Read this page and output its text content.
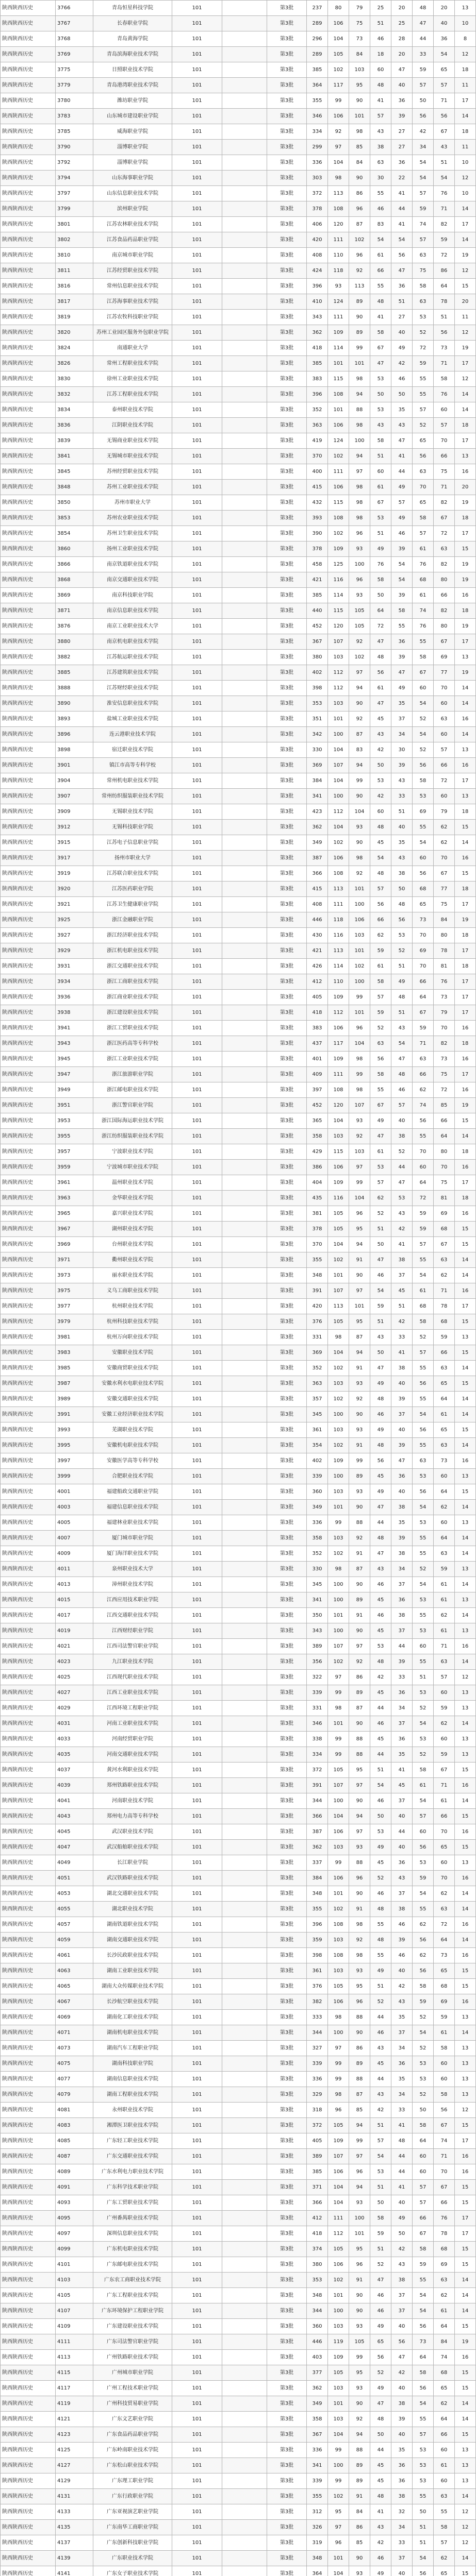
陕西陕西历史	3766	青岛恒星科技学院	101		第3批	237	80	79	25	20	48	20	13
陕西陕西历史	3767	长春职业学院	101		第3批	289	106	75	51	25	47	40	10
陕西陕西历史	3768	青岛黄海学院	101		第3批	296	104	73	46	28	44	36	8
陕西陕西历史	3769	青岛滨海职业技术学院	101		第3批	289	105	84	18	20	33	54	12
陕西陕西历史	3775	日照职业技术学院	101		第3批	385	102	103	60	47	59	65	18
陕西陕西历史	3779	青岛港湾职业技术学院	101		第3批	364	117	95	48	40	57	57	11
陕西陕西历史	3780	潍坊职业学院	101		第3批	355	99	90	41	36	50	71	17
陕西陕西历史	3783	山东城市建设职业学院	101		第3批	346	106	101	57	39	56	56	14
陕西陕西历史	3785	威海职业学院	101		第3批	334	92	98	43	27	42	67	18
陕西陕西历史	3790	淄博职业学院	101		第3批	299	97	85	38	27	34	43	11
陕西陕西历史	3792	淄博职业学院	101		第3批	336	104	84	63	36	54	51	10
陕西陕西历史	3794	山东海事职业学院	101		第3批	303	98	90	30	22	54	54	12
陕西陕西历史	3797	山东信息职业技术学院	101		第3批	372	113	86	55	41	57	76	10
陕西陕西历史	3799	滨州职业学院	101		第3批	378	108	96	46	44	59	71	14
陕西陕西历史	3801	江苏农林职业技术学院	101		第3批	406	120	87	83	41	74	82	17
陕西陕西历史	3802	江苏食品药品职业学院	101		第3批	420	111	102	54	54	57	59	14
陕西陕西历史	3810	南京城市职业学院	101		第3批	408	110	96	61	56	63	72	19
陕西陕西历史	3811	江苏经贸职业技术学院	101		第3批	424	118	92	66	47	75	86	12
陕西陕西历史	3816	常州信息职业技术学院	101		第3批	396	93	113	55	36	58	64	15
陕西陕西历史	3817	江苏海事职业技术学院	101		第3批	410	124	89	48	51	63	78	20
陕西陕西历史	3819	江苏农牧科技职业学院	101		第3批	343	111	90	41	27	53	51	11
陕西陕西历史	3820	苏州工业园区服务外包职业学院	101		第3批	362	109	89	58	40	52	56	12
陕西陕西历史	3824	南通职业大学	101		第3批	418	114	99	67	49	72	73	19
陕西陕西历史	3826	常州工程职业技术学院	101		第3批	385	101	101	47	42	59	71	17
陕西陕西历史	3830	徐州工业职业技术学院	101		第3批	383	115	98	53	46	55	58	12
陕西陕西历史	3832	江苏工程职业技术学院	101		第3批	396	108	94	50	50	55	76	14
陕西陕西历史	3834	泰州职业技术学院	101		第3批	352	101	88	53	35	57	60	14
陕西陕西历史	3836	江阴职业技术学院	101		第3批	363	106	98	43	43	52	57	18
陕西陕西历史	3839	无锡商业职业技术学院	101		第3批	419	124	100	58	47	65	70	17
陕西陕西历史	3841	无锡城市职业技术学院	101		第3批	370	102	94	51	41	56	66	13
陕西陕西历史	3845	苏州经贸职业技术学院	101		第3批	400	111	97	60	44	63	75	16
陕西陕西历史	3848	苏州工业职业技术学院	101		第3批	415	106	98	61	49	70	71	20
陕西陕西历史	3850	苏州市职业大学	101		第3批	432	115	98	67	57	65	82	19
陕西陕西历史	3853	苏州农业职业技术学院	101		第3批	393	108	98	53	49	58	67	18
陕西陕西历史	3854	苏州卫生职业技术学院	101		第3批	390	102	96	51	46	57	72	17
陕西陕西历史	3860	扬州工业职业技术学院	101		第3批	378	109	93	49	39	61	63	15
陕西陕西历史	3866	南京铁道职业技术学院	101		第3批	458	125	100	76	54	76	82	19
陕西陕西历史	3868	南京交通职业技术学院	101		第3批	421	116	96	58	54	68	80	19
陕西陕西历史	3869	南京科技职业学院	101		第3批	385	114	93	50	39	61	66	16
陕西陕西历史	3871	南京信息职业技术学院	101		第3批	440	115	105	64	58	74	82	18
陕西陕西历史	3876	南京工业职业技术大学	101		第3批	452	120	105	72	55	76	80	19
陕西陕西历史	3880	南京机电职业技术学院	101		第3批	367	107	92	47	36	55	67	17
陕西陕西历史	3882	江苏航运职业技术学院	101		第3批	380	103	102	48	39	58	69	13
陕西陕西历史	3885	江苏建筑职业技术学院	101		第3批	402	112	97	56	47	67	77	19
陕西陕西历史	3888	江苏财经职业技术学院	101		第3批	398	112	94	61	49	60	70	14
陕西陕西历史	3890	淮安信息职业技术学院	101		第3批	353	103	90	47	35	54	60	14
陕西陕西历史	3893	盐城工业职业技术学院	101		第3批	351	101	92	45	37	52	63	16
陕西陕西历史	3896	连云港职业技术学院	101		第3批	342	100	87	43	34	54	60	14
陕西陕西历史	3898	宿迁职业技术学院	101		第3批	330	104	83	42	30	52	57	13
陕西陕西历史	3901	镇江市高等专科学校	101		第3批	369	107	94	50	39	56	66	16
陕西陕西历史	3904	常州机电职业技术学院	101		第3批	384	104	99	53	43	58	72	17
陕西陕西历史	3907	常州纺织服装职业技术学院	101		第3批	341	100	90	42	33	53	60	13
陕西陕西历史	3909	无锡职业技术学院	101		第3批	423	112	104	60	51	69	79	18
陕西陕西历史	3912	无锡科技职业学院	101		第3批	362	104	93	48	40	55	62	15
陕西陕西历史	3915	江苏电子信息职业学院	101		第3批	349	102	90	45	35	54	62	14
陕西陕西历史	3917	扬州市职业大学	101		第3批	387	106	98	54	43	60	70	16
陕西陕西历史	3919	江苏联合职业技术学院	101		第3批	366	108	92	48	38	56	67	15
陕西陕西历史	3920	江苏医药职业学院	101		第3批	415	113	101	57	50	68	77	18
陕西陕西历史	3921	江苏卫生健康职业学院	101		第3批	408	111	100	56	48	65	75	17
陕西陕西历史	3925	浙江金融职业学院	101		第3批	446	118	106	66	56	73	84	19
陕西陕西历史	3927	浙江经济职业技术学院	101		第3批	430	116	103	62	53	70	80	18
陕西陕西历史	3929	浙江机电职业技术学院	101		第3批	421	113	101	59	52	69	78	17
陕西陕西历史	3931	浙江交通职业技术学院	101		第3批	426	114	102	61	51	70	81	18
陕西陕西历史	3934	浙江工商职业技术学院	101		第3批	412	110	100	58	49	66	76	17
陕西陕西历史	3936	浙江商业职业技术学院	101		第3批	405	109	99	57	48	64	73	17
陕西陕西历史	3938	浙江建设职业技术学院	101		第3批	418	112	101	59	51	67	79	17
陕西陕西历史	3941	浙江工贸职业技术学院	101		第3批	383	106	96	52	43	59	70	16
陕西陕西历史	3943	浙江医药高等专科学校	101		第3批	437	117	104	63	54	71	82	18
陕西陕西历史	3945	浙江工业职业技术学院	101		第3批	401	109	98	56	47	63	73	16
陕西陕西历史	3947	浙江旅游职业学院	101		第3批	409	111	99	58	48	66	75	17
陕西陕西历史	3949	浙江邮电职业技术学院	101		第3批	397	108	98	55	46	62	72	16
陕西陕西历史	3951	浙江警官职业学院	101		第3批	452	120	107	67	57	74	85	19
陕西陕西历史	3953	浙江国际海运职业技术学院	101		第3批	365	104	93	49	40	56	66	15
陕西陕西历史	3955	浙江纺织服装职业技术学院	101		第3批	358	103	92	47	38	55	64	14
陕西陕西历史	3957	宁波职业技术学院	101		第3批	429	115	103	61	52	70	80	18
陕西陕西历史	3959	宁波城市职业技术学院	101		第3批	386	106	97	53	44	60	70	16
陕西陕西历史	3961	温州职业技术学院	101		第3批	404	109	99	57	47	64	75	17
陕西陕西历史	3963	金华职业技术学院	101		第3批	435	116	104	62	53	72	81	18
陕西陕西历史	3965	嘉兴职业技术学院	101		第3批	381	105	96	52	43	59	69	16
陕西陕西历史	3967	湖州职业技术学院	101		第3批	378	105	95	51	42	59	68	15
陕西陕西历史	3969	台州职业技术学院	101		第3批	370	104	94	50	41	57	67	15
陕西陕西历史	3971	衢州职业技术学院	101		第3批	355	102	91	47	38	55	63	14
陕西陕西历史	3973	丽水职业技术学院	101		第3批	348	101	90	46	37	54	62	14
陕西陕西历史	3975	义乌工商职业技术学院	101		第3批	391	107	97	54	45	61	71	16
陕西陕西历史	3977	杭州职业技术学院	101		第3批	420	113	101	59	51	68	78	17
陕西陕西历史	3979	杭州科技职业技术学院	101		第3批	376	105	95	51	42	58	68	15
陕西陕西历史	3981	杭州万向职业技术学院	101		第3批	331	98	87	43	33	52	59	13
陕西陕西历史	3983	安徽职业技术学院	101		第3批	369	104	94	50	41	57	66	15
陕西陕西历史	3985	安徽商贸职业技术学院	101		第3批	352	102	91	47	38	55	63	14
陕西陕西历史	3987	安徽水利水电职业技术学院	101		第3批	363	103	93	49	40	56	65	15
陕西陕西历史	3989	安徽交通职业技术学院	101		第3批	357	102	92	48	39	55	64	14
陕西陕西历史	3991	安徽工业经济职业技术学院	101		第3批	345	100	90	46	37	54	61	14
陕西陕西历史	3993	芜湖职业技术学院	101		第3批	361	103	93	49	40	56	65	15
陕西陕西历史	3995	安徽机电职业技术学院	101		第3批	354	102	91	48	39	55	63	14
陕西陕西历史	3997	安徽医学高等专科学校	101		第3批	402	109	99	56	47	63	73	16
陕西陕西历史	3999	合肥职业技术学院	101		第3批	339	100	89	45	36	53	60	13
陕西陕西历史	4001	福建船政交通职业学院	101		第3批	360	103	93	49	40	56	64	15
陕西陕西历史	4003	福建信息职业技术学院	101		第3批	349	101	90	47	38	54	62	14
陕西陕西历史	4005	福建林业职业技术学院	101		第3批	336	99	88	44	35	53	60	13
陕西陕西历史	4007	厦门城市职业学院	101		第3批	358	103	92	48	39	55	64	14
陕西陕西历史	4009	厦门海洋职业技术学院	101		第3批	352	102	91	47	38	55	63	14
陕西陕西历史	4011	泉州职业技术大学	101		第3批	330	98	87	43	34	52	59	13
陕西陕西历史	4013	漳州职业技术学院	101		第3批	345	100	90	46	37	54	61	14
陕西陕西历史	4015	江西应用技术职业学院	101		第3批	341	100	89	45	36	53	61	13
陕西陕西历史	4017	江西交通职业技术学院	101		第3批	350	101	91	46	38	55	62	14
陕西陕西历史	4019	江西财经职业学院	101		第3批	343	100	90	45	37	53	61	13
陕西陕西历史	4021	江西司法警官职业学院	101		第3批	389	107	97	53	44	60	71	16
陕西陕西历史	4023	九江职业技术学院	101		第3批	356	102	92	48	39	55	63	14
陕西陕西历史	4025	江西现代职业技术学院	101		第3批	322	97	86	42	33	51	57	12
陕西陕西历史	4027	江西工业职业技术学院	101		第3批	339	99	89	45	36	53	60	13
陕西陕西历史	4029	江西环境工程职业学院	101		第3批	331	98	87	44	34	52	59	13
陕西陕西历史	4031	河南工业职业技术学院	101		第3批	346	101	90	46	37	54	62	14
陕西陕西历史	4033	河南经贸职业学院	101		第3批	338	99	88	45	36	53	60	13
陕西陕西历史	4035	河南交通职业技术学院	101		第3批	334	99	88	44	35	52	59	13
陕西陕西历史	4037	黄河水利职业技术学院	101		第3批	372	105	95	51	41	58	67	15
陕西陕西历史	4039	郑州铁路职业技术学院	101		第3批	391	107	97	54	45	61	71	16
陕西陕西历史	4041	河南职业技术学院	101		第3批	344	100	90	46	37	54	61	14
陕西陕西历史	4043	郑州电力高等专科学校	101		第3批	366	104	94	50	40	57	66	15
陕西陕西历史	4045	武汉职业技术学院	101		第3批	387	106	97	53	44	60	70	16
陕西陕西历史	4047	武汉船舶职业技术学院	101		第3批	362	103	93	49	40	56	65	15
陕西陕西历史	4049	长江职业学院	101		第3批	337	99	88	45	36	53	60	13
陕西陕西历史	4051	武汉铁路职业技术学院	101		第3批	384	106	96	52	43	59	70	16
陕西陕西历史	4053	湖北交通职业技术学院	101		第3批	348	101	90	46	37	54	62	14
陕西陕西历史	4055	湖北职业技术学院	101		第3批	355	102	91	48	38	55	63	14
陕西陕西历史	4057	湖南铁道职业技术学院	101		第3批	396	108	98	55	46	62	72	16
陕西陕西历史	4059	湖南交通职业技术学院	101		第3批	359	103	92	48	39	56	64	14
陕西陕西历史	4061	长沙民政职业技术学院	101		第3批	398	108	98	55	46	62	73	16
陕西陕西历史	4063	湖南工业职业技术学院	101		第3批	361	103	93	49	40	56	65	15
陕西陕西历史	4065	湖南大众传媒职业技术学院	101		第3批	376	105	95	51	42	58	68	15
陕西陕西历史	4067	长沙航空职业技术学院	101		第3批	382	106	96	52	43	59	69	16
陕西陕西历史	4069	湖南化工职业技术学院	101		第3批	333	98	88	44	35	52	59	13
陕西陕西历史	4071	湖南机电职业技术学院	101		第3批	344	100	90	46	37	54	61	14
陕西陕西历史	4073	湖南汽车工程职业学院	101		第3批	327	97	86	43	34	52	58	13
陕西陕西历史	4075	湖南科技职业学院	101		第3批	339	99	89	45	36	53	60	13
陕西陕西历史	4077	湖南信息职业技术学院	101		第3批	336	99	88	44	35	53	60	13
陕西陕西历史	4079	湖南工程职业技术学院	101		第3批	329	98	87	43	34	52	58	13
陕西陕西历史	4081	永州职业技术学院	101		第3批	318	96	85	42	33	50	56	12
陕西陕西历史	4083	湘潭医卫职业技术学院	101		第3批	372	105	94	51	41	58	67	15
陕西陕西历史	4085	广东轻工职业技术学院	101		第3批	405	109	99	57	48	64	74	17
陕西陕西历史	4087	广东交通职业技术学院	101		第3批	389	107	97	54	44	60	71	16
陕西陕西历史	4089	广东水利电力职业技术学院	101		第3批	385	106	96	53	44	60	70	16
陕西陕西历史	4091	广东科学技术职业学院	101		第3批	371	104	94	51	41	57	67	15
陕西陕西历史	4093	广东工贸职业技术学院	101		第3批	366	104	93	50	40	57	66	15
陕西陕西历史	4095	广州番禺职业技术学院	101		第3批	412	111	100	58	49	66	76	17
陕西陕西历史	4097	深圳信息职业技术学院	101		第3批	418	112	101	59	50	67	78	17
陕西陕西历史	4099	广东机电职业技术学院	101		第3批	374	105	95	51	42	58	68	15
陕西陕西历史	4101	广东邮电职业技术学院	101		第3批	380	106	96	52	43	59	69	15
陕西陕西历史	4103	广东农工商职业技术学院	101		第3批	353	102	91	47	38	55	63	14
陕西陕西历史	4105	广东工程职业技术学院	101		第3批	348	101	90	46	37	54	62	14
陕西陕西历史	4107	广东环境保护工程职业学院	101		第3批	344	100	90	46	37	54	61	14
陕西陕西历史	4109	广东建设职业技术学院	101		第3批	360	103	93	49	40	56	64	15
陕西陕西历史	4111	广东司法警官职业学院	101		第3批	446	119	105	65	56	73	84	19
陕西陕西历史	4113	广州铁路职业技术学院	101		第3批	403	109	99	56	47	64	74	16
陕西陕西历史	4115	广州城市职业学院	101		第3批	377	105	95	52	42	58	68	15
陕西陕西历史	4117	广州工程技术职业学院	101		第3批	362	103	93	49	40	56	65	15
陕西陕西历史	4119	广州科技贸易职业学院	101		第3批	349	101	90	47	38	54	62	14
陕西陕西历史	4121	广东文艺职业学院	101		第3批	358	103	92	48	39	55	64	14
陕西陕西历史	4123	广东食品药品职业学院	101		第3批	367	104	94	50	40	57	66	15
陕西陕西历史	4125	广东岭南职业技术学院	101		第3批	336	99	88	44	35	53	60	13
陕西陕西历史	4127	广东松山职业技术学院	101		第3批	341	100	89	45	36	53	61	13
陕西陕西历史	4129	广东理工职业学院	101		第3批	339	99	89	45	36	53	60	13
陕西陕西历史	4131	广东行政职业学院	101		第3批	355	102	91	48	38	55	63	14
陕西陕西历史	4133	广东亚视演艺职业学院	101		第3批	312	95	84	41	32	50	55	12
陕西陕西历史	4135	广东南华工商职业学院	101		第3批	326	97	86	43	34	51	58	12
陕西陕西历史	4137	广东创新科技职业学院	101		第3批	319	96	85	42	33	51	57	12
陕西陕西历史	4139	广东职业技术学院	101		第3批	348	101	90	46	37	54	62	14
陕西陕西历史	4141	广东女子职业技术学院	101		第3批	364	104	93	49	40	56	65	15
